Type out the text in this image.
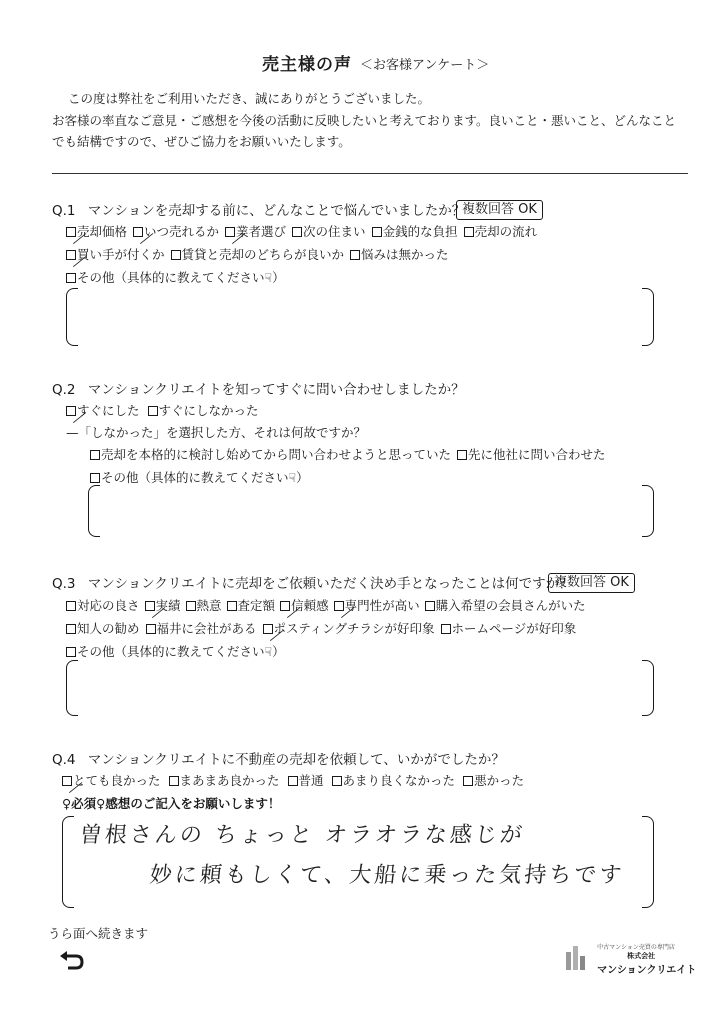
売主様の声 ＜お客様アンケート＞
この度は弊社をご利用いただき、誠にありがとうございました。
お客様の率直なご意見・ご感想を今後の活動に反映したいと考えております。良いこと・悪いこと、どんなこと
でも結構ですので、ぜひご協力をお願いいたします。
Q.1 マンションを売却する前に、どんなことで悩んでいましたか？
複数回答 OK
売却価格 いつ売れるか 業者選び 次の住まい 金銭的な負担 売却の流れ
買い手が付くか 賃貸と売却のどちらが良いか 悩みは無かった
その他（具体的に教えてください☟）
Q.2 マンションクリエイトを知ってすぐに問い合わせしましたか？
すぐにした すぐにしなかった
—「しなかった」を選択した方、それは何故ですか？
売却を本格的に検討し始めてから問い合わせようと思っていた 先に他社に問い合わせた
その他（具体的に教えてください☟）
Q.3 マンションクリエイトに売却をご依頼いただく決め手となったことは何ですか？
複数回答 OK
対応の良さ 実績 熱意 査定額 信頼感 専門性が高い 購入希望の会員さんがいた
知人の勧め 福井に会社がある ポスティングチラシが好印象 ホームページが好印象
その他（具体的に教えてください☟）
Q.4 マンションクリエイトに不動産の売却を依頼して、いかがでしたか？
とても良かった まあまあ良かった 普通 あまり良くなかった 悪かった
♀必須♀感想のご記入をお願いします！
曽根さんの ちょっと オラオラな感じが
妙に頼もしくて、大船に乗った気持ちです
うら面へ続きます

中古マンション売買の専門店
株式会社
マンションクリエイト
